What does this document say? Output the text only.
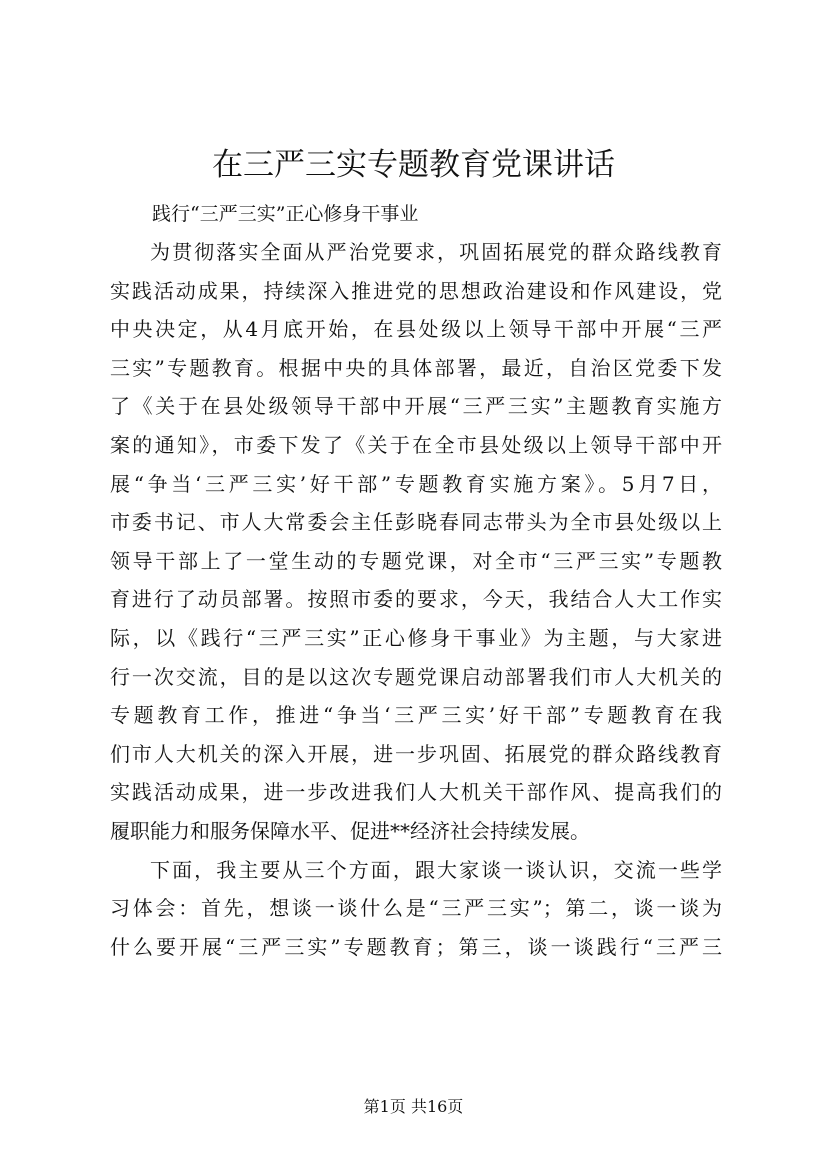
在三严三实专题教育党课讲话

践行“三严三实”正心修身干事业

为贯彻落实全面从严治党要求，巩固拓展党的群众路线教育
实践活动成果，持续深入推进党的思想政治建设和作风建设，党
中央决定，从4月底开始，在县处级以上领导干部中开展“三严
三实”专题教育。根据中央的具体部署，最近，自治区党委下发
了《关于在县处级领导干部中开展“三严三实”主题教育实施方
案的通知》，市委下发了《关于在全市县处级以上领导干部中开
展“争当‘三严三实’好干部”专题教育实施方案》。5月7日，
市委书记、市人大常委会主任彭晓春同志带头为全市县处级以上
领导干部上了一堂生动的专题党课，对全市“三严三实”专题教
育进行了动员部署。按照市委的要求，今天，我结合人大工作实
际，以《践行“三严三实”正心修身干事业》为主题，与大家进
行一次交流，目的是以这次专题党课启动部署我们市人大机关的
专题教育工作，推进“争当‘三严三实’好干部”专题教育在我
们市人大机关的深入开展，进一步巩固、拓展党的群众路线教育
实践活动成果，进一步改进我们人大机关干部作风、提高我们的
履职能力和服务保障水平、促进**经济社会持续发展。
下面，我主要从三个方面，跟大家谈一谈认识，交流一些学
习体会：首先，想谈一谈什么是“三严三实”；第二，谈一谈为
什么要开展“三严三实”专题教育；第三，谈一谈践行“三严三

第1页 共16页
